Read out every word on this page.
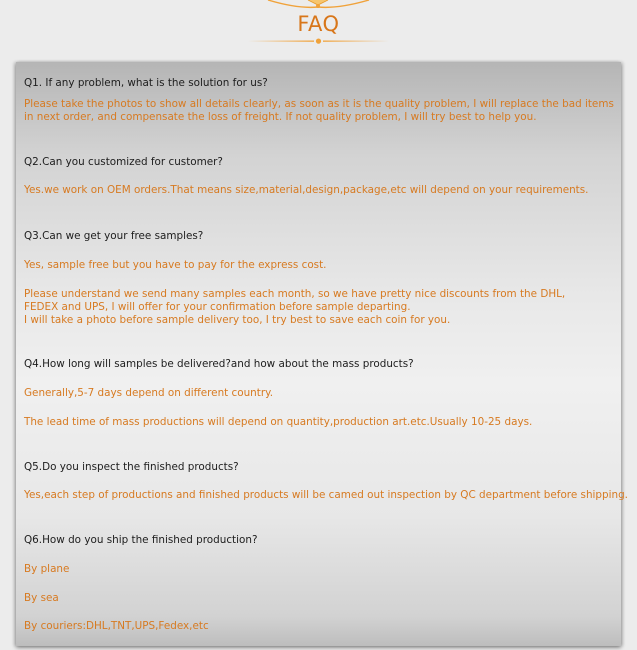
FAQ
Q1. If any problem, what is the solution for us?
Please take the photos to show all details clearly, as soon as it is the quality problem, I will replace the bad items
in next order, and compensate the loss of freight. If not quality problem, I will try best to help you.
Q2.Can you customized for customer?
Yes.we work on OEM orders.That means size,material,design,package,etc will depend on your requirements.
Q3.Can we get your free samples?
Yes, sample free but you have to pay for the express cost.
Please understand we send many samples each month, so we have pretty nice discounts from the DHL,
FEDEX and UPS, I will offer for your confirmation before sample departing.
I will take a photo before sample delivery too, I try best to save each coin for you.
Q4.How long will samples be delivered?and how about the mass products?
Generally,5-7 days depend on different country.
The lead time of mass productions will depend on quantity,production art.etc.Usually 10-25 days.
Q5.Do you inspect the finished products?
Yes,each step of productions and finished products will be camed out inspection by QC department before shipping.
Q6.How do you ship the finished production?
By plane
By sea
By couriers:DHL,TNT,UPS,Fedex,etc
